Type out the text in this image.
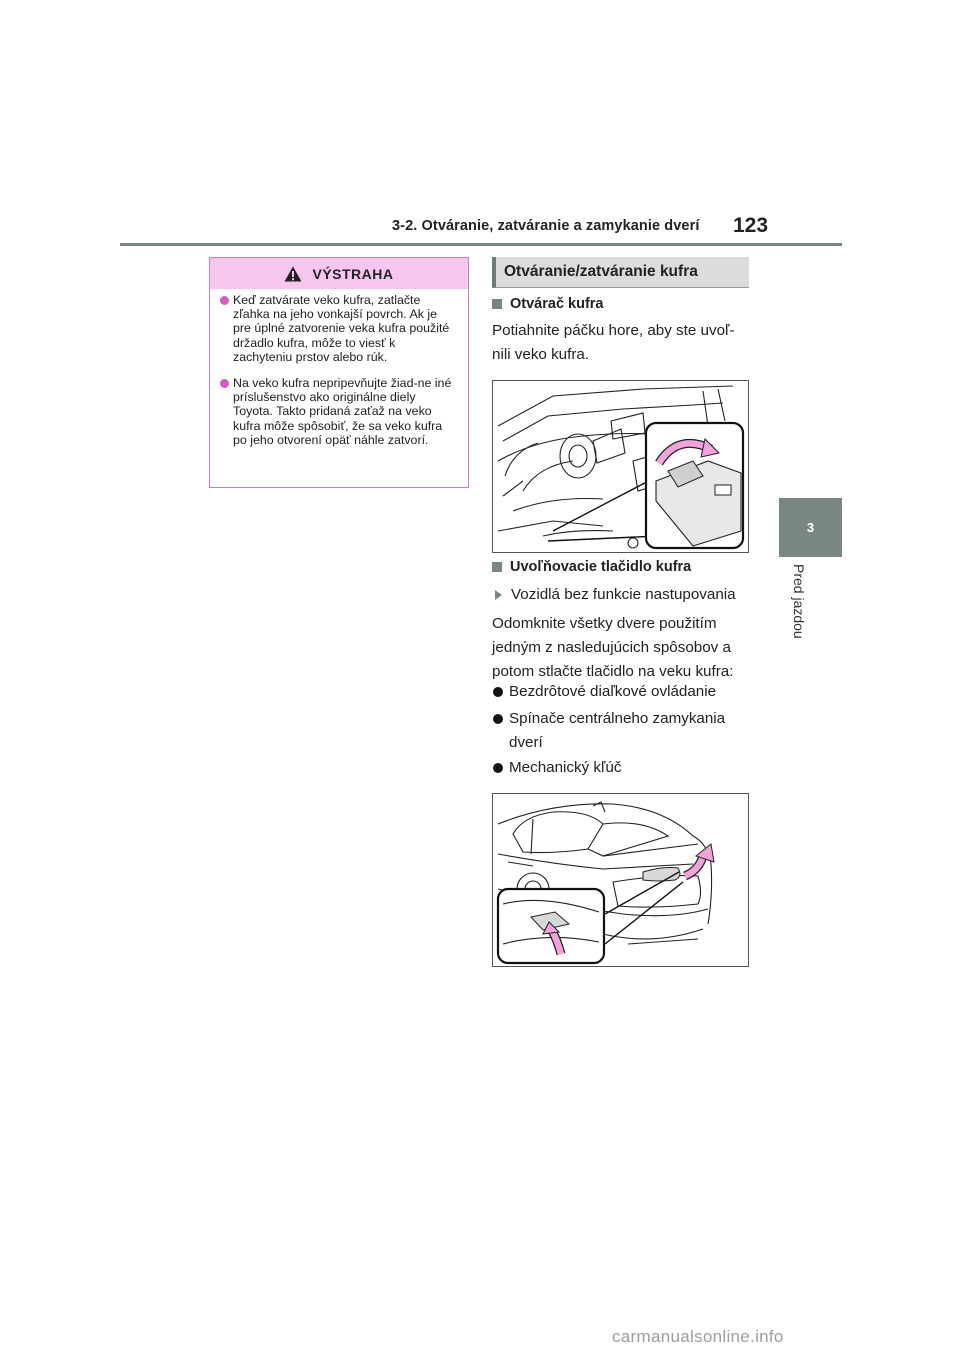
3-2. Otváranie, zatváranie a zamykanie dverí 123
3
Pred jazdou
VÝSTRAHA
Keď zatvárate veko kufra, zatlačte zľahka na jeho vonkajší povrch. Ak je pre úplné zatvorenie veka kufra použité držadlo kufra, môže to viesť k zachyteniu prstov alebo rúk.
Na veko kufra nepripevňujte žiad-ne iné príslušenstvo ako originálne diely Toyota. Takto pridaná zaťaž na veko kufra môže spôsobiť, že sa veko kufra po jeho otvorení opäť náhle zatvorí.
Otváranie/zatváranie kufra
Otvárač kufra
Potiahnite páčku hore, aby ste uvoľ-nili veko kufra.
Uvoľňovacie tlačidlo kufra
Vozidlá bez funkcie nastupovania
Odomknite všetky dvere použitím jedným z nasledujúcich spôsobov a potom stlačte tlačidlo na veku kufra:
Bezdrôtové diaľkové ovládanie
Spínače centrálneho zamykania dverí
Mechanický kľúč
carmanualsonline.info
